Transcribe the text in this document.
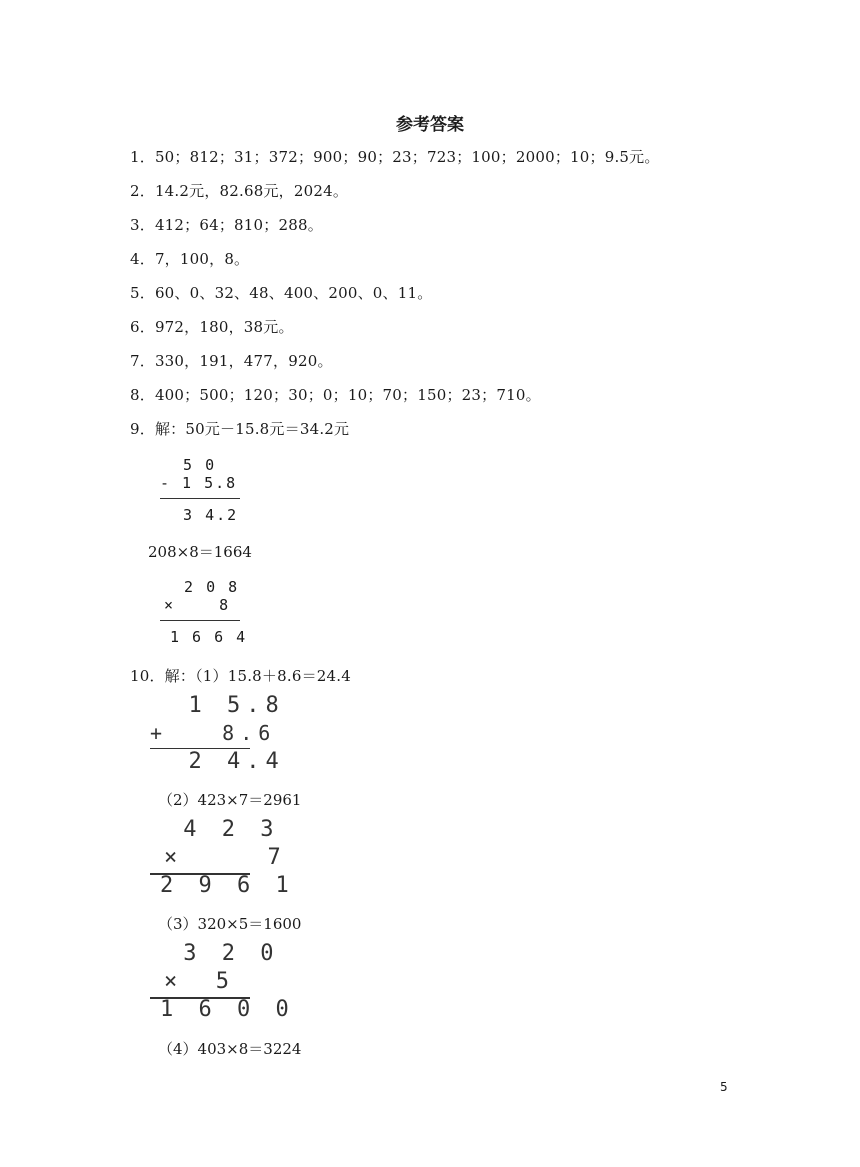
参考答案
1．50；812；31；372；900；90；23；723；100；2000；10；9.5元。
2．14.2元，82.68元，2024。
3．412；64；810；288。
4．7，100，8。
5．60、0、32、48、400、200、0、11。
6．972，180，38元。
7．330，191，477，920。
8．400；500；120；30；0；10；70；150；23；710。
9．解：50元－15.8元＝34.2元
5 0
- 1 5.8
3 4.2
208×8＝1664
2 0 8
×    8
1 6 6 4
10．解：（1）15.8＋8.6＝24.4
1 5.8
+   8.6
2 4.4
（2）423×7＝2961
4 2 3
×     7
2 9 6 1
（3）320×5＝1600
3 2 0
×  5
1 6 0 0
（4）403×8＝3224
5
